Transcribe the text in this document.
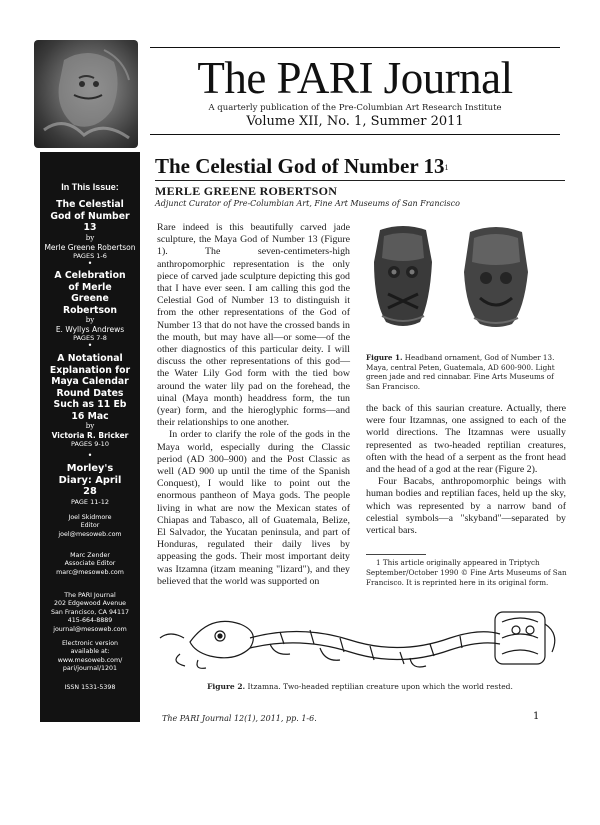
The PARI Journal
A quarterly publication of the Pre-Columbian Art Research Institute
Volume XII, No. 1, Summer 2011
In This Issue:
The Celestial God of Number 13
by
Merle Greene Robertson
PAGES 1-6
•
A Celebration of Merle Greene Robertson
by
E. Wyllys Andrews
PAGES 7-8
•
A Notational Explanation for Maya Calendar Round Dates Such as 11 Eb 16 Mac
by
Victoria R. Bricker
PAGES 9-10
•
Morley's Diary: April 28
PAGE 11-12
Joel Skidmore
Editor
joel@mesoweb.com
Marc Zender
Associate Editor
marc@mesoweb.com
The PARI Journal
202 Edgewood Avenue
San Francisco, CA 94117
415-664-8889
journal@mesoweb.com
Electronic version
available at:
www.mesoweb.com/
pari/journal/1201
ISSN 1531-5398
The Celestial God of Number $13^1$
MERLE GREENE ROBERTSON
Adjunct Curator of Pre-Columbian Art, Fine Art Museums of San Francisco

Rare indeed is this beautifully carved jade sculpture, the Maya God of Number 13 (Figure 1). The seven-centimeters-high anthropomorphic representation is the only piece of carved jade sculpture depicting this god that I have ever seen. I am calling this god the Celestial God of Number 13 to distinguish it from the other representations of the God of Number 13 that do not have the crossed bands in the mouth, but may have all—or some—of the other diagnostics of this particular deity. I will discuss the other representations of this god—the Water Lily God form with the tied bow around the water lily pad on the forehead, the uinal (Maya month) headdress form, the tun (year) form, and the hieroglyphic forms—and their relationships to one another.

In order to clarify the role of the gods in the Maya world, especially during the Classic period (AD 300–900) and the Post Classic as well (AD 900 up until the time of the Spanish Conquest), I would like to point out the enormous pantheon of Maya gods. The people living in what are now the Mexican states of Chiapas and Tabasco, all of Guatemala, Belize, El Salvador, the Yucatan peninsula, and part of Honduras, regulated their daily lives by appeasing the gods. Their most important deity was Itzamna (itzam meaning "lizard"), and they believed that the world was supported on

Figure 1. Headband ornament, God of Number 13. Maya, central Peten, Guatemala, AD 600-900. Light green jade and red cinnabar. Fine Arts Museums of San Francisco.

the back of this saurian creature. Actually, there were four Itzamnas, one assigned to each of the world directions. The Itzamnas were usually represented as two-headed reptilian creatures, often with the head of a serpent as the front head and the head of a god at the rear (Figure 2).

Four Bacabs, anthropomorphic beings with human bodies and reptilian faces, held up the sky, which was represented by a narrow band of celestial symbols—a "skyband"—separated by vertical bars.

1 This article originally appeared in Triptych September/October 1990 © Fine Arts Museums of San Francisco. It is reprinted here in its original form.
Figure 2. Itzamna. Two-headed reptilian creature upon which the world rested.
The PARI Journal 12(1), 2011, pp. 1-6.	1
